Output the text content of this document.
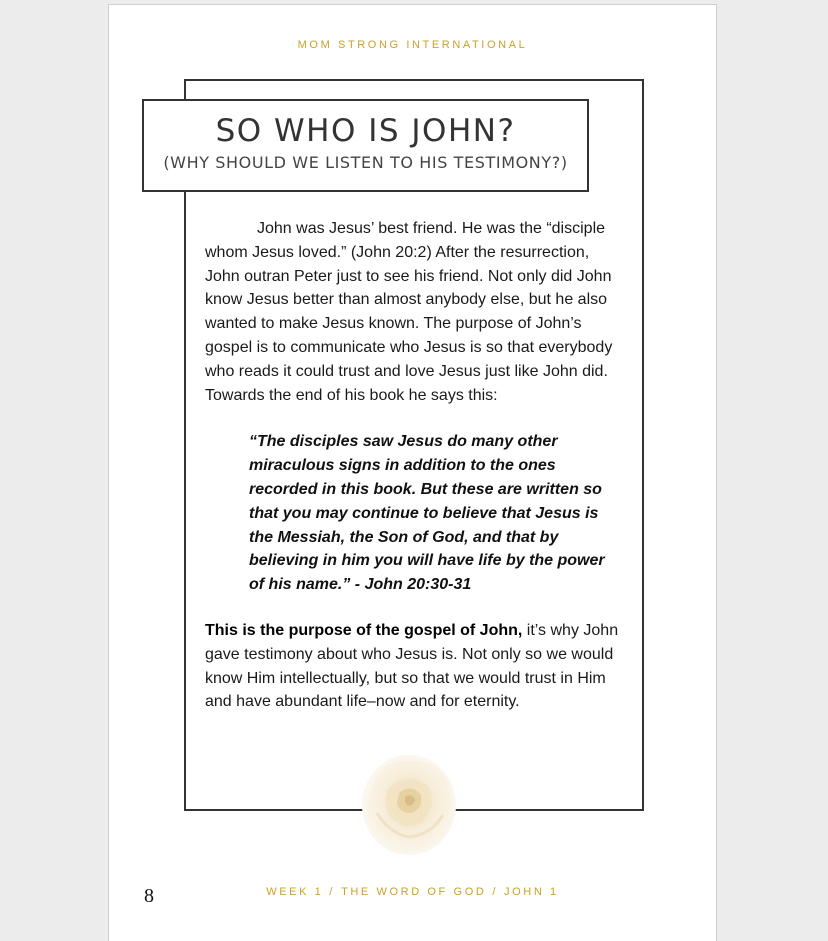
MOM STRONG INTERNATIONAL
SO WHO IS JOHN?
(WHY SHOULD WE LISTEN TO HIS TESTIMONY?)

John was Jesus’ best friend. He was the “disciple whom Jesus loved.” (John 20:2) After the resurrection, John outran Peter just to see his friend. Not only did John know Jesus better than almost anybody else, but he also wanted to make Jesus known. The purpose of John’s gospel is to communicate who Jesus is so that everybody who reads it could trust and love Jesus just like John did. Towards the end of his book he says this:

“The disciples saw Jesus do many other miraculous signs in addition to the ones recorded in this book. But these are written so that you may continue to believe that Jesus is the Messiah, the Son of God, and that by believing in him you will have life by the power of his name.” - John 20:30-31

This is the purpose of the gospel of John, it’s why John gave testimony about who Jesus is. Not only so we would know Him intellectually, but so that we would trust in Him and have abundant life–now and for eternity.

8	WEEK 1 / THE WORD OF GOD / JOHN 1
